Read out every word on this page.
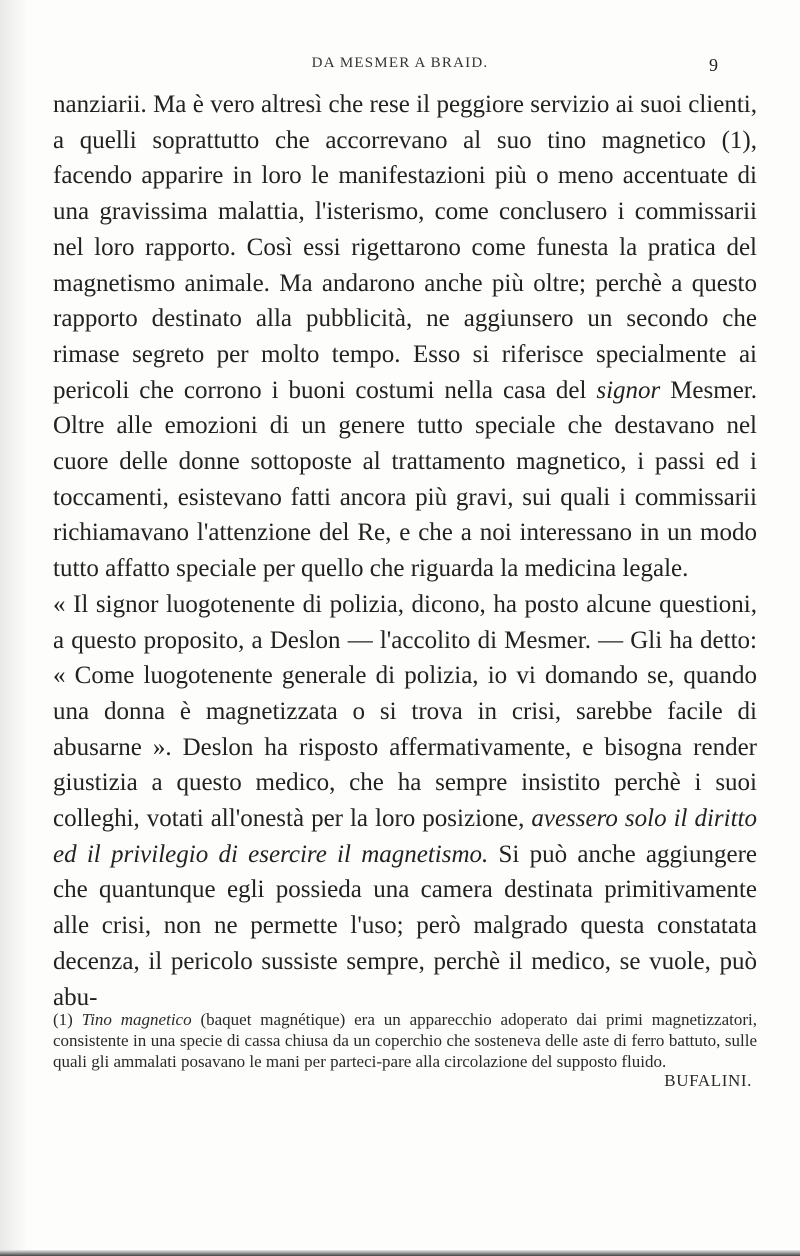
DA MESMER A BRAID.	9

nanziarii. Ma è vero altresì che rese il peggiore servizio ai suoi clienti, a quelli soprattutto che accorrevano al suo tino magnetico (1), facendo apparire in loro le manifestazioni più o meno accentuate di una gravissima malattia, l'isterismo, come conclusero i commissarii nel loro rapporto. Così essi rigettarono come funesta la pratica del magnetismo animale. Ma andarono anche più oltre; perchè a questo rapporto destinato alla pubblicità, ne aggiunsero un secondo che rimase segreto per molto tempo. Esso si riferisce specialmente ai pericoli che corrono i buoni costumi nella casa del signor Mesmer. Oltre alle emozioni di un genere tutto speciale che destavano nel cuore delle donne sottoposte al trattamento magnetico, i passi ed i toccamenti, esistevano fatti ancora più gravi, sui quali i commissarii richiamavano l'attenzione del Re, e che a noi interessano in un modo tutto affatto speciale per quello che riguarda la medicina legale.

« Il signor luogotenente di polizia, dicono, ha posto alcune questioni, a questo proposito, a Deslon — l'accolito di Mesmer. — Gli ha detto: « Come luogotenente generale di polizia, io vi domando se, quando una donna è magnetizzata o si trova in crisi, sarebbe facile di abusarne ». Deslon ha risposto affermativamente, e bisogna render giustizia a questo medico, che ha sempre insistito perchè i suoi colleghi, votati all'onestà per la loro posizione, avessero solo il diritto ed il privilegio di esercire il magnetismo. Si può anche aggiungere che quantunque egli possieda una camera destinata primitivamente alle crisi, non ne permette l'uso; però malgrado questa constatata decenza, il pericolo sussiste sempre, perchè il medico, se vuole, può abu-

(1) Tino magnetico (baquet magnétique) era un apparecchio adoperato dai primi magnetizzatori, consistente in una specie di cassa chiusa da un coperchio che sosteneva delle aste di ferro battuto, sulle quali gli ammalati posavano le mani per parteci-pare alla circolazione del supposto fluido.
BUFALINI.
